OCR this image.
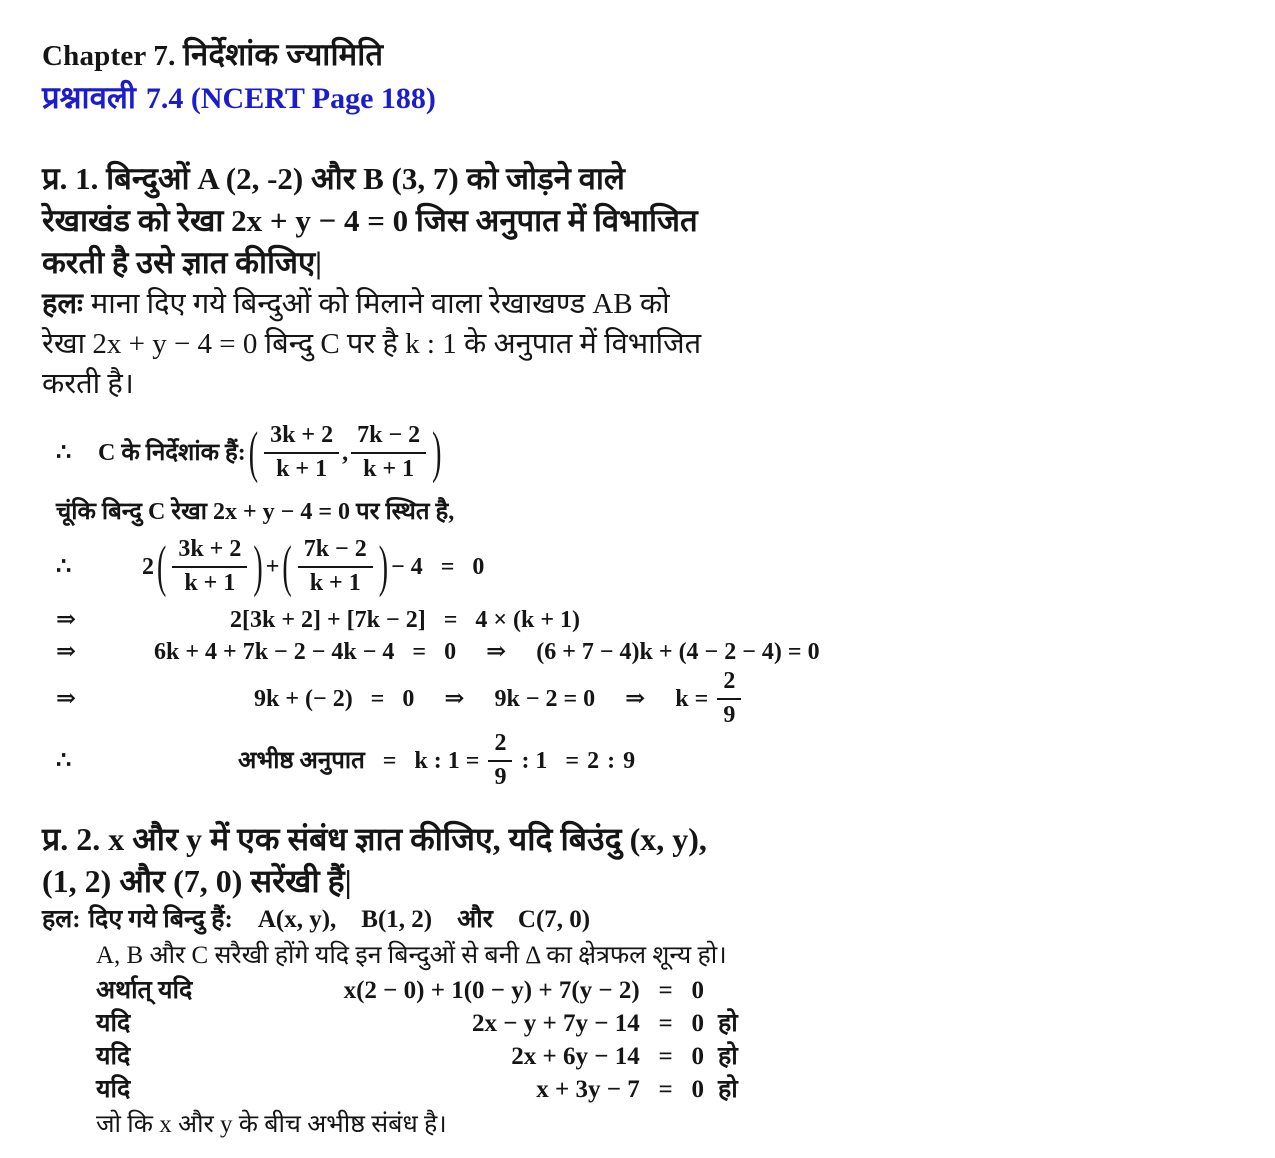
Chapter 7. निर्देशांक ज्यामिति
प्रश्नावली 7.4 (NCERT Page 188)
प्र. 1. बिन्दुओं A (2, -2) और B (3, 7) को जोड़ने वाले
रेखाखंड को रेखा 2x + y − 4 = 0 जिस अनुपात में विभाजित
करती है उसे ज्ञात कीजिए|
हलः माना दिए गये बिन्दुओं को मिलाने वाला रेखाखण्ड AB को
रेखा 2x + y − 4 = 0 बिन्दु C पर है k : 1 के अनुपात में विभाजित
करती है।
∴	C के निर्देशांक हैं: ( $\frac{3k + 2}{k + 1}$ , $\frac{7k - 2}{k + 1}$ )
चूंकि बिन्दु C रेखा 2x + y − 4 = 0 पर स्थित है,
∴	2 ( $\frac{3k + 2}{k + 1}$ ) + ( $\frac{7k - 2}{k + 1}$ ) − 4  =  0
⇒	2[3k + 2] + [7k − 2]  =  4 × (k + 1)
⇒	6k + 4 + 7k − 2 − 4k − 4  =  0  ⇒  (6 + 7 − 4)k + (4 − 2 − 4) = 0
⇒	9k + (− 2)  =  0  ⇒  9k − 2 = 0  ⇒  $k = \frac{2}{9}$
∴	अभीष्ठ अनुपात  =  k : $1 = \frac{2}{9}$ : 1  = 2 : 9
प्र. 2. x और y में एक संबंध ज्ञात कीजिए, यदि बिउंदु (x, y),
(1, 2) और (7, 0) सरेंखी हैं|
हल: दिए गये बिन्दु हैं:   A(x, y),   B(1, 2)   और   C(7, 0)
A, B और C सरैखी होंगे यदि इन बिन्दुओं से बनी Δ का क्षेत्रफल शून्य हो।
अर्थात् यदि	x(2 − 0) + 1(0 − y) + 7(y − 2)  =  0
यदि	2x − y + 7y − 14  =  0 हो
यदि	2x + 6y − 14  =  0 हो
यदि	x + 3y − 7  =  0 हो
जो कि x और y के बीच अभीष्ठ संबंध है।
